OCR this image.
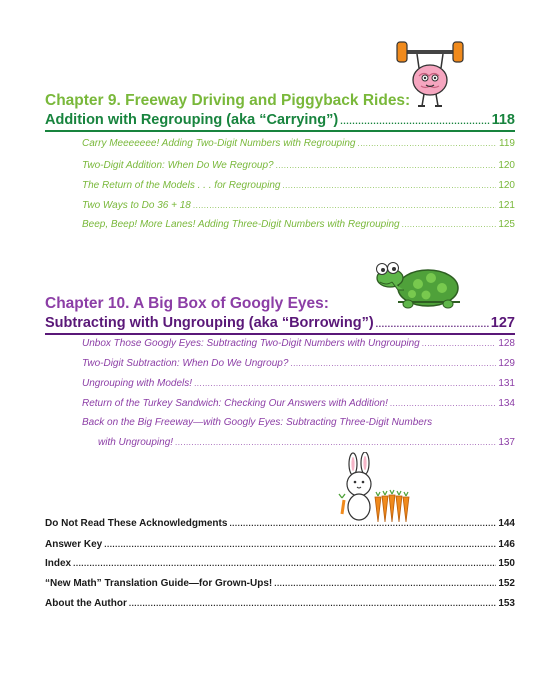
Chapter 9. Freeway Driving and Piggyback Rides:
Addition with Regrouping (aka “Carrying”) .....	118
Carry Meeeeeee! Adding Two-Digit Numbers with Regrouping .....	119
Two-Digit Addition: When Do We Regroup? .....	120
The Return of the Models . . . for Regrouping .....	120
Two Ways to Do 36 + 18 .....	121
Beep, Beep! More Lanes! Adding Three-Digit Numbers with Regrouping .....	125
Chapter 10. A Big Box of Googly Eyes:
Subtracting with Ungrouping (aka “Borrowing”) .....	127
Unbox Those Googly Eyes: Subtracting Two-Digit Numbers with Ungrouping .....	128
Two-Digit Subtraction: When Do We Ungroup? .....	129
Ungrouping with Models! .....	131
Return of the Turkey Sandwich: Checking Our Answers with Addition! .....	134
Back on the Big Freeway—with Googly Eyes: Subtracting Three-Digit Numbers
with Ungrouping! .....	137
Do Not Read These Acknowledgments .....	144
Answer Key .....	146
Index .....	150
“New Math” Translation Guide—for Grown-Ups! .....	152
About the Author .....	153
